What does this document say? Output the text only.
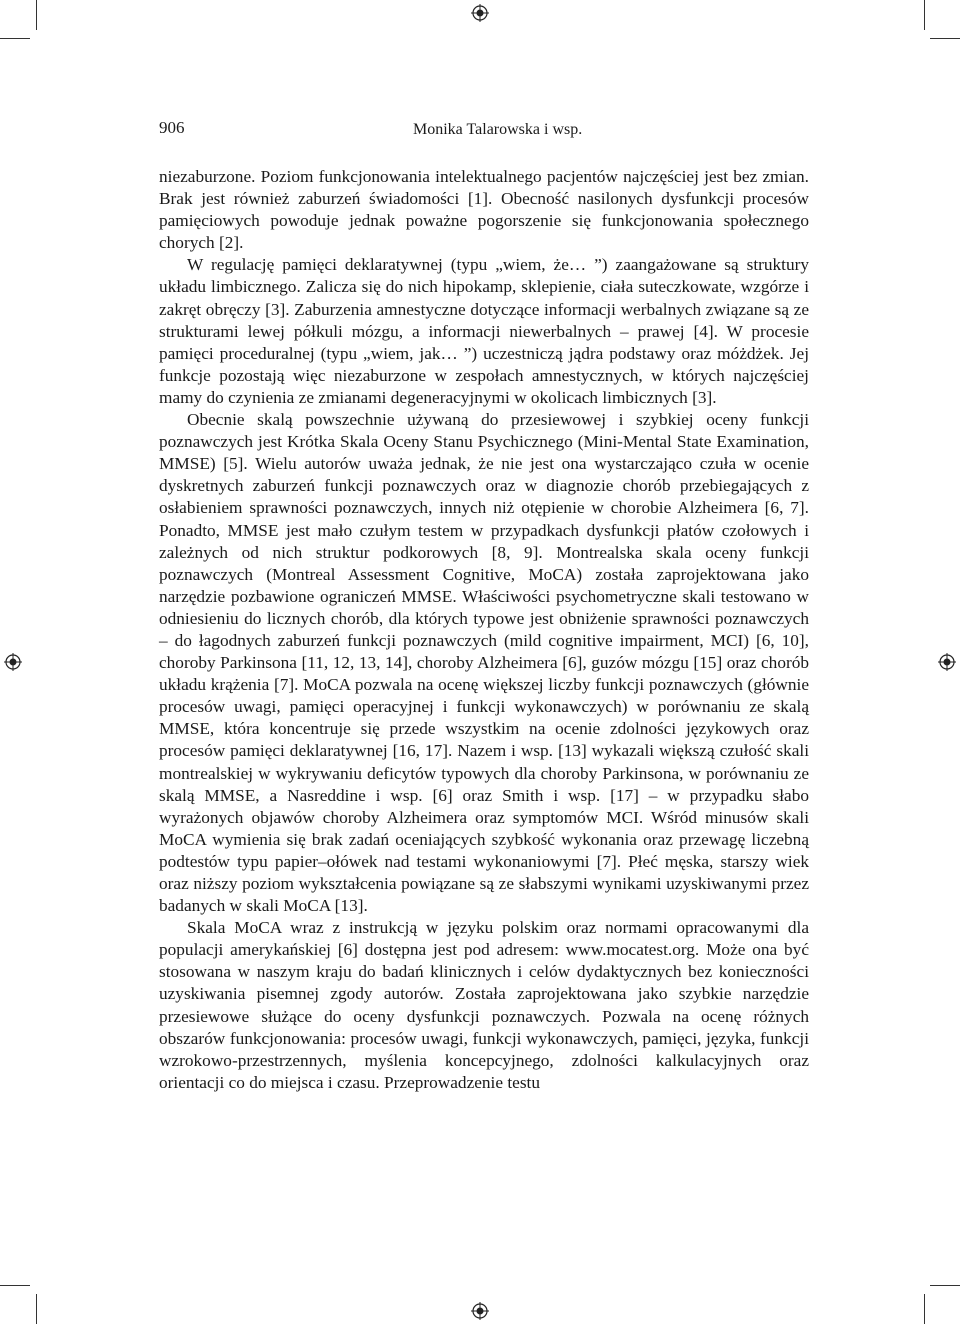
906	Monika Talarowska i wsp.

niezaburzone. Poziom funkcjonowania intelektualnego pacjentów najczęściej jest bez zmian. Brak jest również zaburzeń świadomości [1]. Obecność nasilonych dysfunkcji procesów pamięciowych powoduje jednak poważne pogorszenie się funkcjonowania społecznego chorych [2].

W regulację pamięci deklaratywnej (typu „wiem, że… ”) zaangażowane są struktury układu limbicznego. Zalicza się do nich hipokamp, sklepienie, ciała suteczkowate, wzgórze i zakręt obręczy [3]. Zaburzenia amnestyczne dotyczące informacji werbalnych związane są ze strukturami lewej półkuli mózgu, a informacji niewerbalnych – prawej [4]. W procesie pamięci proceduralnej (typu „wiem, jak… ”) uczestniczą jądra podstawy oraz móżdżek. Jej funkcje pozostają więc niezaburzone w zespołach amnestycznych, w których najczęściej mamy do czynienia ze zmianami degeneracyjnymi w okolicach limbicznych [3].

Obecnie skalą powszechnie używaną do przesiewowej i szybkiej oceny funkcji poznawczych jest Krótka Skala Oceny Stanu Psychicznego (Mini-Mental State Examination, MMSE) [5]. Wielu autorów uważa jednak, że nie jest ona wystarczająco czuła w ocenie dyskretnych zaburzeń funkcji poznawczych oraz w diagnozie chorób przebiegających z osłabieniem sprawności poznawczych, innych niż otępienie w chorobie Alzheimera [6, 7]. Ponadto, MMSE jest mało czułym testem w przypadkach dysfunkcji płatów czołowych i zależnych od nich struktur podkorowych [8, 9]. Montrealska skala oceny funkcji poznawczych (Montreal Assessment Cognitive, MoCA) została zaprojektowana jako narzędzie pozbawione ograniczeń MMSE. Właściwości psychometryczne skali testowano w odniesieniu do licznych chorób, dla których typowe jest obniżenie sprawności poznawczych – do łagodnych zaburzeń funkcji poznawczych (mild cognitive impairment, MCI) [6, 10], choroby Parkinsona [11, 12, 13, 14], choroby Alzheimera [6], guzów mózgu [15] oraz chorób układu krążenia [7]. MoCA pozwala na ocenę większej liczby funkcji poznawczych (głównie procesów uwagi, pamięci operacyjnej i funkcji wykonawczych) w porównaniu ze skalą MMSE, która koncentruje się przede wszystkim na ocenie zdolności językowych oraz procesów pamięci deklaratywnej [16, 17]. Nazem i wsp. [13] wykazali większą czułość skali montrealskiej w wykrywaniu deficytów typowych dla choroby Parkinsona, w porównaniu ze skalą MMSE, a Nasreddine i wsp. [6] oraz Smith i wsp. [17] – w przypadku słabo wyrażonych objawów choroby Alzheimera oraz symptomów MCI. Wśród minusów skali MoCA wymienia się brak zadań oceniających szybkość wykonania oraz przewagę liczebną podtestów typu papier–ołówek nad testami wykonaniowymi [7]. Płeć męska, starszy wiek oraz niższy poziom wykształcenia powiązane są ze słabszymi wynikami uzyskiwanymi przez badanych w skali MoCA [13].

Skala MoCA wraz z instrukcją w języku polskim oraz normami opracowanymi dla populacji amerykańskiej [6] dostępna jest pod adresem: www.mocatest.org. Może ona być stosowana w naszym kraju do badań klinicznych i celów dydaktycznych bez konieczności uzyskiwania pisemnej zgody autorów. Została zaprojektowana jako szybkie narzędzie przesiewowe służące do oceny dysfunkcji poznawczych. Pozwala na ocenę różnych obszarów funkcjonowania: procesów uwagi, funkcji wykonawczych, pamięci, języka, funkcji wzrokowo-przestrzennych, myślenia koncepcyjnego, zdolności kalkulacyjnych oraz orientacji co do miejsca i czasu. Przeprowadzenie testu
